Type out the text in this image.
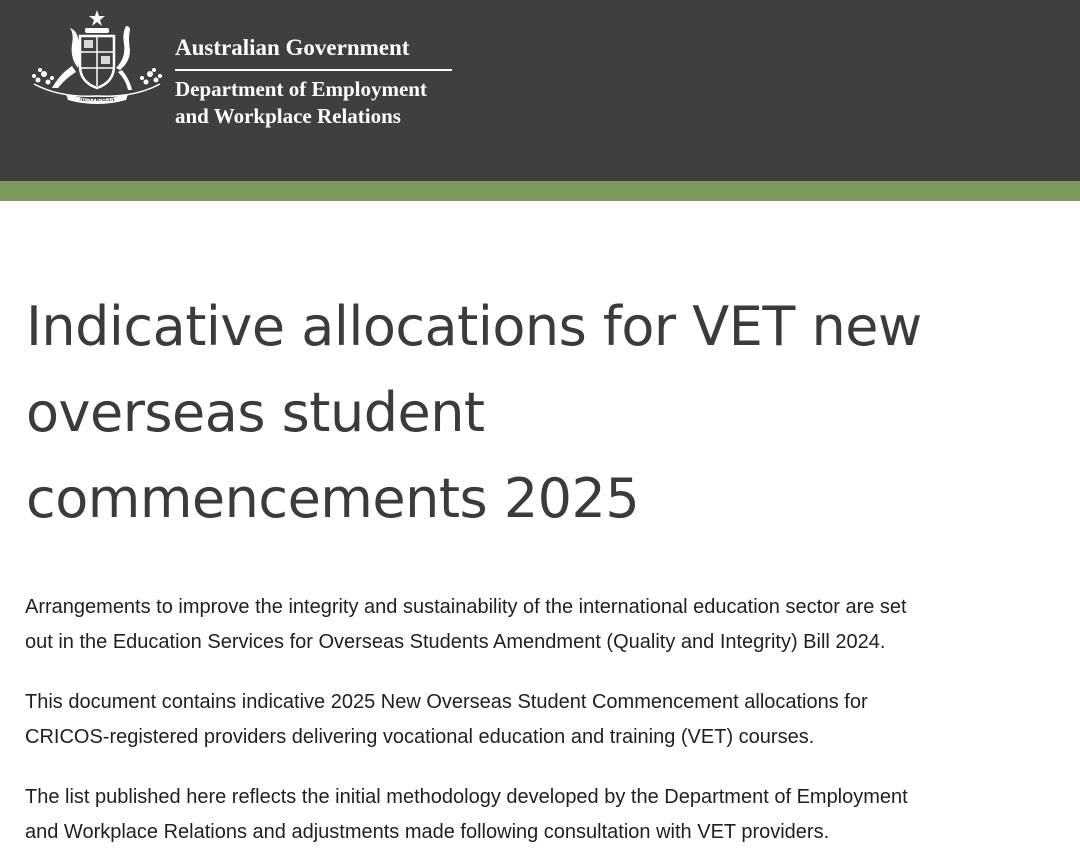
AUSTRALIA
Australian Government
Department of Employment
and Workplace Relations
Indicative allocations for VET new
overseas student
commencements 2025
Arrangements to improve the integrity and sustainability of the international education sector are set
out in the Education Services for Overseas Students Amendment (Quality and Integrity) Bill 2024.
This document contains indicative 2025 New Overseas Student Commencement allocations for
CRICOS-registered providers delivering vocational education and training (VET) courses.
The list published here reflects the initial methodology developed by the Department of Employment
and Workplace Relations and adjustments made following consultation with VET providers.
